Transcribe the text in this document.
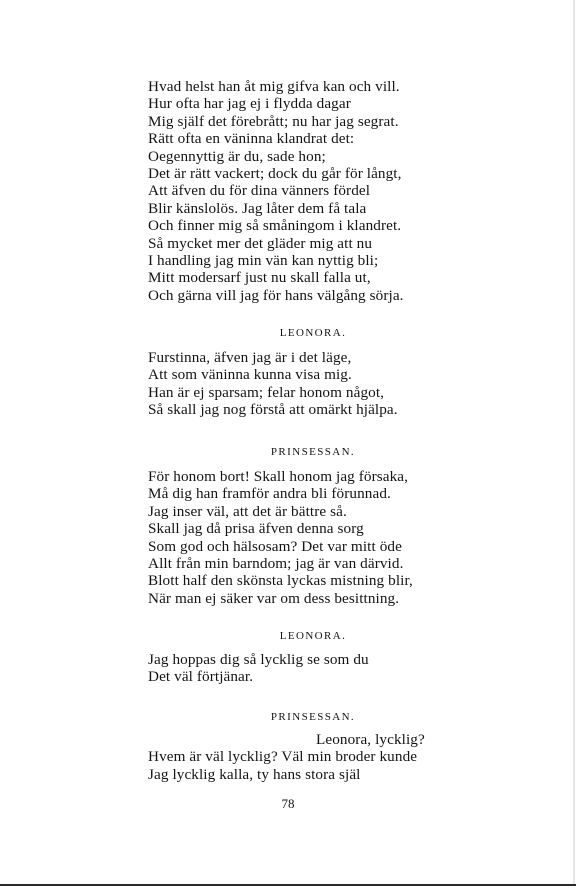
Hvad helst han åt mig gifva kan och vill.
Hur ofta har jag ej i flydda dagar
Mig själf det förebrått; nu har jag segrat.
Rätt ofta en väninna klandrat det:
Oegennyttig är du, sade hon;
Det är rätt vackert; dock du går för långt,
Att äfven du för dina vänners fördel
Blir känslolös. Jag låter dem få tala
Och finner mig så småningom i klandret.
Så mycket mer det gläder mig att nu
I handling jag min vän kan nyttig bli;
Mitt modersarf just nu skall falla ut,
Och gärna vill jag för hans välgång sörja.
LEONORA.
Furstinna, äfven jag är i det läge,
Att som väninna kunna visa mig.
Han är ej sparsam; felar honom något,
Så skall jag nog förstå att omärkt hjälpa.
PRINSESSAN.
För honom bort! Skall honom jag försaka,
Må dig han framför andra bli förunnad.
Jag inser väl, att det är bättre så.
Skall jag då prisa äfven denna sorg
Som god och hälsosam? Det var mitt öde
Allt från min barndom; jag är van därvid.
Blott half den skönsta lyckas mistning blir,
När man ej säker var om dess besittning.
LEONORA.
Jag hoppas dig så lycklig se som du
Det väl förtjänar.
PRINSESSAN.
Leonora, lycklig?
Hvem är väl lycklig? Väl min broder kunde
Jag lycklig kalla, ty hans stora själ
78
